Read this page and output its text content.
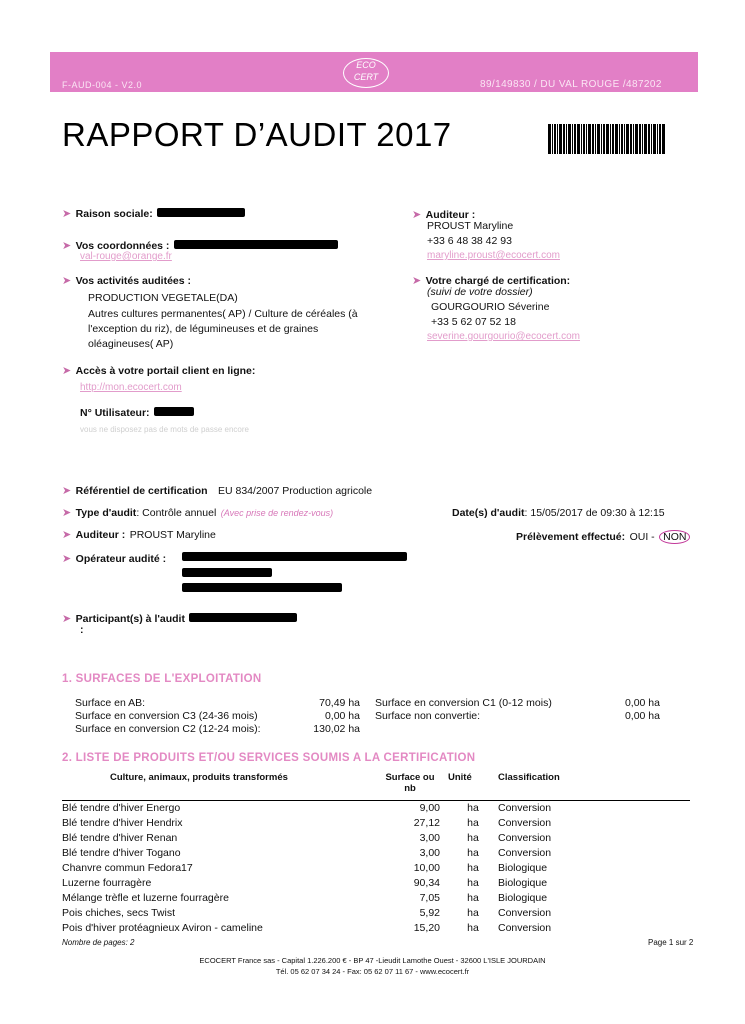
F-AUD-004 - V2.0
ECO CERT
89/149830 / DU VAL ROUGE /487202
RAPPORT D’AUDIT 2017
➤ Raison sociale:
➤ Vos coordonnées :
val-rouge@orange.fr
➤ Vos activités auditées :
PRODUCTION VEGETALE(DA)
Autres cultures permanentes( AP) / Culture de céréales (à
l'exception du riz), de légumineuses et de graines
oléagineuses( AP)
➤ Accès à votre portail client en ligne:
http://mon.ecocert.com
N° Utilisateur:
vous ne disposez pas de mots de passe encore
➤ Auditeur :
PROUST Maryline
+33 6 48 38 42 93
maryline.proust@ecocert.com
➤ Votre chargé de certification:
(suivi de votre dossier)
GOURGOURIO Séverine
+33 5 62 07 52 18
severine.gourgourio@ecocert.com
➤ Référentiel de certification EU 834/2007 Production agricole
➤ Type d'audit: Contrôle annuel (Avec prise de rendez-vous)	Date(s) d'audit: 15/05/2017 de 09:30 à 12:15
➤ Auditeur : PROUST Maryline	Prélèvement effectué: OUI - NON
➤ Opérateur audité :
➤ Participant(s) à l'audit
:
1. SURFACES DE L'EXPLOITATION
Surface en AB:	70,49 ha Surface en conversion C1 (0-12 mois)	0,00 ha
Surface en conversion C3 (24-36 mois)	0,00 ha Surface non convertie:	0,00 ha
Surface en conversion C2 (12-24 mois):	130,02 ha
2. LISTE DE PRODUITS ET/OU SERVICES SOUMIS A LA CERTIFICATION
Culture, animaux, produits transformés	Surface ou nb	Unité	Classification
Blé tendre d'hiver Energo	9,00	ha	Conversion
Blé tendre d'hiver Hendrix	27,12	ha	Conversion
Blé tendre d'hiver Renan	3,00	ha	Conversion
Blé tendre d'hiver Togano	3,00	ha	Conversion
Chanvre commun Fedora17	10,00	ha	Biologique
Luzerne fourragère	90,34	ha	Biologique
Mélange trèfle et luzerne fourragère	7,05	ha	Biologique
Pois chiches, secs Twist	5,92	ha	Conversion
Pois d'hiver protéagnieux Aviron - cameline	15,20	ha	Conversion
Nombre de pages: 2	Page 1 sur 2
ECOCERT France sas - Capital 1.226.200 € - BP 47 -Lieudit Lamothe Ouest - 32600 L'ISLE JOURDAIN
Tél. 05 62 07 34 24 - Fax: 05 62 07 11 67 - www.ecocert.fr
